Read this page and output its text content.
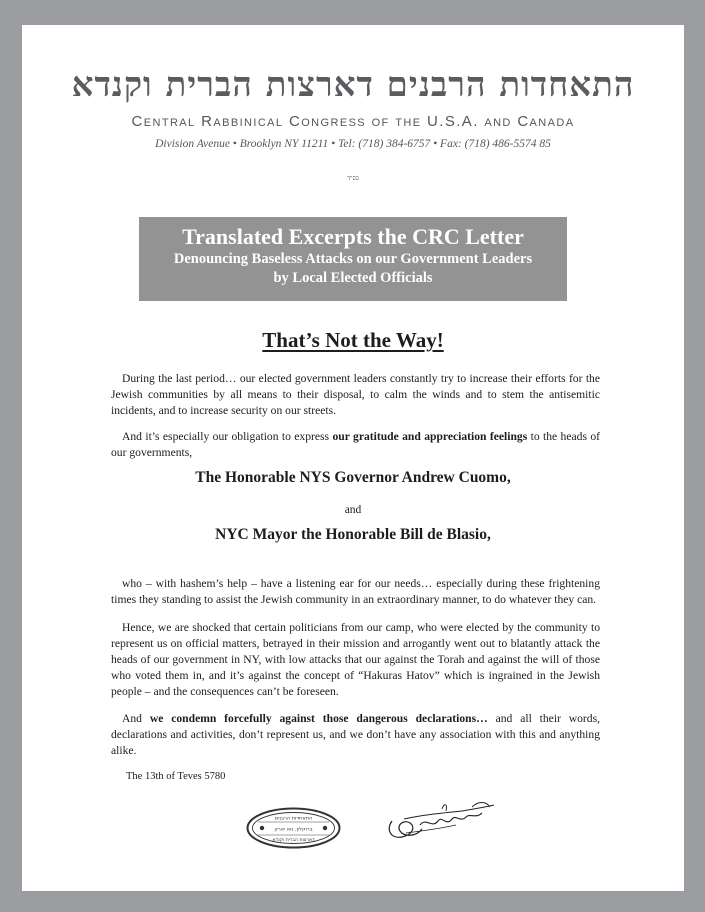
התאחדות הרבנים דארצות הברית וקנדא
Central Rabbinical Congress of the U.S.A. and Canada
Division Avenue • Brooklyn NY 11211 • Tel: (718) 384-6757 • Fax: (718) 486-5574 85
בס"ד
Translated Excerpts the CRC Letter
Denouncing Baseless Attacks on our Government Leaders
by Local Elected Officials
That’s Not the Way!

During the last period… our elected government leaders constantly try to increase their efforts for the Jewish communities by all means to their disposal, to calm the winds and to stem the antisemitic incidents, and to increase security on our streets.

And it’s especially our obligation to express our gratitude and appreciation feelings to the heads of our governments,

The Honorable NYS Governor Andrew Cuomo,
and
NYC Mayor the Honorable Bill de Blasio,

who – with hashem’s help – have a listening ear for our needs… especially during these frightening times they standing to assist the Jewish community in an extraordinary manner, to do whatever they can.

Hence, we are shocked that certain politicians from our camp, who were elected by the community to represent us on official matters, betrayed in their mission and arrogantly went out to blatantly attack the heads of our government in NY, with low attacks that our against the Torah and against the will of those who voted them in, and it’s against the concept of “Hakuras Hatov” which is ingrained in the Jewish people – and the consequences can’t be foreseen.

And we condemn forcefully against those dangerous declarations… and all their words, declarations and activities, don’t represent us, and we don’t have any association with this and anything alike.

The 13th of Teves 5780
התאחדות הרבנים
ברוקלין, נוא יארק
דארצות הברית וקנדא
